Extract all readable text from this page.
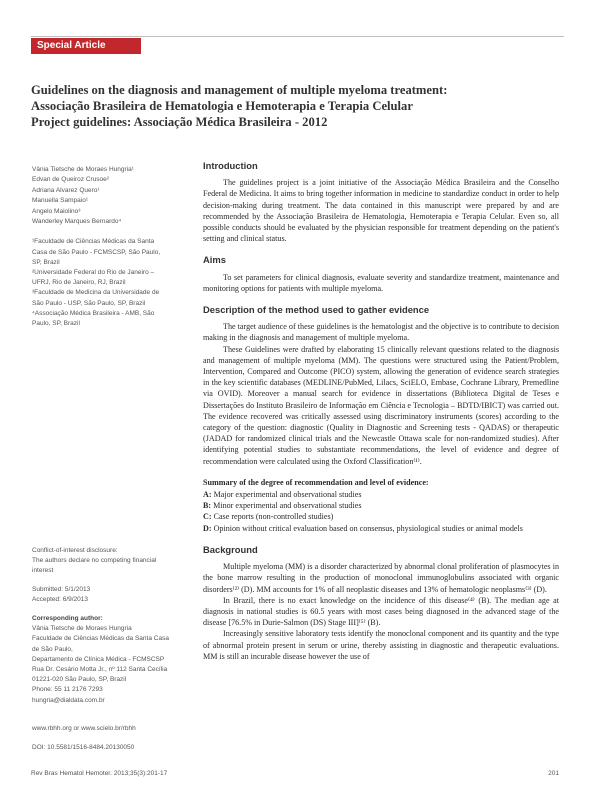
Special Article
Guidelines on the diagnosis and management of multiple myeloma treatment:
Associação Brasileira de Hematologia e Hemoterapia e Terapia Celular
Project guidelines: Associação Médica Brasileira - 2012
Vânia Tietsche de Moraes Hungria¹
Edvan de Queiroz Crusoe²
Adriana Alvarez Quero¹
Manuella Sampaio¹
Angelo Maiolino³
Wanderley Marques Bernardo⁴
¹Faculdade de Ciências Médicas da Santa
Casa de São Paulo - FCMSCSP, São Paulo,
SP, Brazil
²Universidade Federal do Rio de Janeiro –
UFRJ, Rio de Janeiro, RJ, Brazil
³Faculdade de Medicina da Universidade de
São Paulo - USP, São Paulo, SP, Brazil
⁴Associação Médica Brasileira - AMB, São
Paulo, SP, Brazil
Conflict-of-interest disclosure:
The authors declare no competing financial
interest
Submitted: 5/1/2013
Accepted: 6/9/2013
Corresponding author:
Vânia Tietsche de Moraes Hungria
Faculdade de Ciências Médicas da Santa Casa
de São Paulo,
Departamento de Clínica Médica - FCMSCSP
Rua Dr. Cesário Motta Jr., nº 112 Santa Cecília
01221-020 São Paulo, SP, Brazil
Phone: 55 11 2176 7293
hungria@dialdata.com.br
www.rbhh.org or www.scielo.br/rbhh
DOI: 10.5581/1516-8484.20130050
Introduction

The guidelines project is a joint initiative of the Associação Médica Brasileira and the Conselho Federal de Medicina. It aims to bring together information in medicine to standardize conduct in order to help decision-making during treatment. The data contained in this manuscript were prepared by and are recommended by the Associação Brasileira de Hematologia, Hemoterapia e Terapia Celular. Even so, all possible conducts should be evaluated by the physician responsible for treatment depending on the patient's setting and clinical status.

Aims

To set parameters for clinical diagnosis, evaluate severity and standardize treatment, maintenance and monitoring options for patients with multiple myeloma.

Description of the method used to gather evidence

The target audience of these guidelines is the hematologist and the objective is to contribute to decision making in the diagnosis and management of multiple myeloma.

These Guidelines were drafted by elaborating 15 clinically relevant questions related to the diagnosis and management of multiple myeloma (MM). The questions were structured using the Patient/Problem, Intervention, Compared and Outcome (PICO) system, allowing the generation of evidence search strategies in the key scientific databases (MEDLINE/PubMed, Lilacs, SciELO, Embase, Cochrane Library, Premedline via OVID). Moreover a manual search for evidence in dissertations (Biblioteca Digital de Teses e Dissertações do Instituto Brasileiro de Informação em Ciência e Tecnologia – BDTD/IBICT) was carried out. The evidence recovered was critically assessed using discriminatory instruments (scores) according to the category of the question: diagnostic (Quality in Diagnostic and Screening tests - QADAS) or therapeutic (JADAD for randomized clinical trials and the Newcastle Ottawa scale for non-randomized studies). After identifying potential studies to substantiate recommendations, the level of evidence and degree of recommendation were calculated using the Oxford Classification⁽¹⁾.

Summary of the degree of recommendation and level of evidence:
A: Major experimental and observational studies
B: Minor experimental and observational studies
C: Case reports (non-controlled studies)
D: Opinion without critical evaluation based on consensus, physiological studies or animal models
Background

Multiple myeloma (MM) is a disorder characterized by abnormal clonal proliferation of plasmocytes in the bone marrow resulting in the production of monoclonal immunoglobulins associated with organic disorders⁽²⁾ (D). MM accounts for 1% of all neoplastic diseases and 13% of hematologic neoplasms⁽³⁾ (D).

In Brazil, there is no exact knowledge on the incidence of this disease⁽⁴⁾ (B). The median age at diagnosis in national studies is 60.5 years with most cases being diagnosed in the advanced stage of the disease [76.5% in Durie-Salmon (DS) Stage III]⁽⁵⁾ (B).

Increasingly sensitive laboratory tests identify the monoclonal component and its quantity and the type of abnormal protein present in serum or urine, thereby assisting in diagnostic and therapeutic evaluations. MM is still an incurable disease however the use of

Rev Bras Hematol Hemoter. 2013;35(3):201-17	201
